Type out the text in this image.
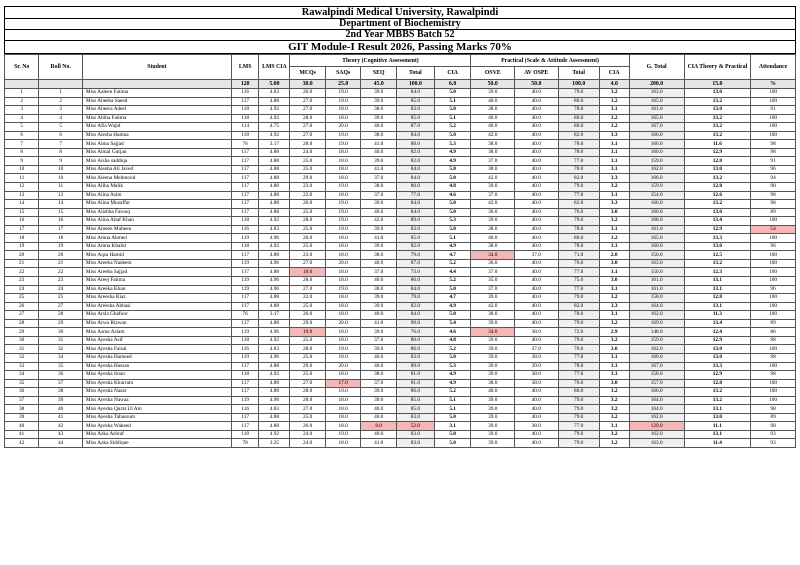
Rawalpindi Medical University, Rawalpindi
Department of Biochemistry
2nd Year MBBS Batch 52
GIT Module-I Result 2026, Passing Marks 70%
Sr. No	Roll No.	Student	LMS	LMS CIA	Theory (Cognitive Assessment)					Practical (Scale & Attitude Assessment)				G. Total	CIA Theory & Practical	Attendance
					MCQs	SAQs	SEQ	Total	CIA	OSVE	AV OSPE	Total	CIA			
			120	5.00	30.0	25.0	45.0	100.0	6.0	50.0	50.0	100.0	4.0	200.0	15.0	%
1	1	Miss Aaleen Fatima	116	4.83	26.0	19.0	39.0	84.0	5.0	39.0	40.0	79.0	3.2	163.0	13.0	100
2	2	Miss Abeeha Saeed	117	4.88	27.0	19.0	39.0	85.0	5.1	40.0	40.0	80.0	3.2	165.0	13.2	100
3	3	Miss Abeera Adeel	118	4.92	27.0	18.0	38.0	83.0	5.0	38.0	40.0	78.0	3.1	161.0	13.0	91
4	4	Miss Abiha Fatima	118	4.92	28.0	18.0	39.0	85.0	5.1	40.0	40.0	80.0	3.2	165.0	13.2	100
5	5	Miss Afia Wajid	114	4.75	27.0	20.0	40.0	87.0	5.2	40.0	40.0	80.0	3.2	167.0	13.2	100
6	6	Miss Aiesha Hamna	118	4.92	27.0	19.0	38.0	84.0	5.0	42.0	40.0	82.0	3.3	166.0	13.2	100
7	7	Miss Aima Sajjad	76	3.17	28.0	19.0	41.0	88.0	5.3	38.0	40.0	78.0	3.1	166.0	11.6	98
8	8	Miss Aimal Gurjan	117	4.88	24.0	18.0	40.0	82.0	4.9	38.0	40.0	78.0	3.1	160.0	12.9	98
9	9	Miss Aisha saddiqa	117	4.88	25.0	18.0	39.0	82.0	4.9	37.0	40.0	77.0	3.1	159.0	12.8	91
10	10	Miss Aiseha Ali Javed	117	4.88	25.0	18.0	41.0	84.0	5.0	38.0	40.0	78.0	3.1	162.0	13.0	96
11	10	Miss Aleena Mehmood	117	4.88	29.0	18.0	37.0	84.0	5.0	42.0	40.0	82.0	3.3	166.0	13.2	94
12	11	Miss Aliha Malik	117	4.88	23.0	19.0	38.0	80.0	4.8	39.0	40.0	79.0	3.2	159.0	12.8	98
13	12	Miss Alina Asim	117	4.88	22.0	18.0	37.0	77.0	4.6	37.0	40.0	77.0	3.1	154.0	12.6	98
14	14	Miss Alina Muzaffar	117	4.88	26.0	19.0	39.0	84.0	5.0	42.0	40.0	82.0	3.3	166.0	13.2	98
15	15	Miss Alishba Farooq	117	4.88	25.0	19.0	40.0	84.0	5.0	36.0	40.0	76.0	3.0	160.0	13.0	89
16	16	Miss Alina Altaf Khan	118	4.92	28.0	19.0	42.0	89.0	5.3	39.0	40.0	79.0	3.2	168.0	13.4	100
17	17	Miss Ameen Mubeen	116	4.83	25.0	19.0	39.0	83.0	5.0	38.0	40.0	78.0	3.1	161.0	12.9	54
18	18	Miss Amna Ahmed	119	4.96	26.0	18.0	41.0	85.0	5.1	40.0	40.0	80.0	3.2	165.0	13.3	100
19	19	Miss Amna Khalid	118	4.92	25.0	18.0	39.0	82.0	4.9	38.0	40.0	78.0	3.1	160.0	13.0	96
20	20	Miss Aqsa Hamid	117	4.88	23.0	18.0	38.0	79.0	4.7	34.0	37.0	71.0	2.8	150.0	12.5	100
21	21	Miss Areeba Nadeem	119	4.96	27.0	20.0	40.0	87.0	5.2	36.0	40.0	76.0	3.0	163.0	13.2	100
22	22	Miss Areeba Sajjad	117	4.88	18.0	18.0	37.0	73.0	4.4	37.0	40.0	77.0	3.1	150.0	12.3	100
23	23	Miss Areej Fatima	119	4.96	28.0	18.0	40.0	86.0	5.2	35.0	40.0	75.0	3.0	161.0	13.1	100
24	24	Miss Areeka Khan	119	4.96	27.0	19.0	38.0	84.0	5.0	37.0	40.0	77.0	3.1	161.0	13.1	96
25	25	Miss Areesha Riaz	117	4.88	22.0	18.0	39.0	79.0	4.7	39.0	40.0	79.0	3.2	158.0	12.8	100
26	27	Miss Areesha Abbasi	117	4.88	25.0	18.0	39.0	82.0	4.9	42.0	40.0	82.0	3.3	164.0	13.1	100
27	28	Miss Arsla Ghafoor	76	3.17	26.0	18.0	40.0	84.0	5.0	38.0	40.0	78.0	3.1	162.0	11.3	100
28	29	Miss Arwa Rizwan	117	4.88	29.0	20.0	41.0	90.0	5.4	39.0	40.0	79.0	3.2	169.0	13.4	89
29	30	Miss Asma Aslam	119	4.96	19.0	18.0	39.0	76.0	4.6	34.0	38.0	72.0	2.9	148.0	12.4	86
30	31	Miss Ayesha Asif	118	4.92	25.0	18.0	37.0	80.0	4.8	39.0	40.0	79.0	3.2	159.0	12.9	98
31	32	Miss Ayesha Faisal	116	4.83	28.0	19.0	39.0	86.0	5.2	39.0	37.0	76.0	3.0	162.0	13.0	100
32	34	Miss Ayesha Hameed	119	4.96	25.0	18.0	40.0	83.0	5.0	39.0	38.0	77.0	3.1	160.0	13.0	98
33	35	Miss Ayesha Hassan	117	4.88	29.0	20.0	40.0	89.0	5.3	39.0	39.0	78.0	3.1	167.0	13.3	100
34	36	Miss Ayesha Iman	118	4.92	25.0	18.0	38.0	81.0	4.9	39.0	38.0	77.0	3.1	158.0	12.9	98
35	37	Miss Ayesha Khurram	117	4.88	27.0	17.0	37.0	81.0	4.9	38.0	38.0	76.0	3.0	157.0	12.8	100
36	38	Miss Ayesha Nasar	117	4.88	28.0	19.0	39.0	86.0	5.2	40.0	40.0	80.0	3.2	166.0	13.2	100
37	39	Miss Ayesha Nawaz	119	4.96	28.0	18.0	39.0	85.0	5.1	39.0	40.0	79.0	3.2	164.0	13.2	100
38	40	Miss Ayesha Qurat Ul Ain	116	4.83	27.0	18.0	40.0	85.0	5.1	39.0	40.0	79.0	3.2	164.0	13.1	98
39	41	Miss Ayesha Tabassum	117	4.88	25.0	18.0	40.0	83.0	5.0	39.0	40.0	79.0	3.2	162.0	13.0	89
40	42	Miss Ayesha Waheed	117	4.88	26.0	18.0	8.0	52.0	3.1	39.0	38.0	77.0	3.1	129.0	11.1	98
41	43	Miss Azka Ashraf	118	4.92	24.0	19.0	40.0	83.0	5.0	39.0	40.0	79.0	3.2	162.0	13.1	93
42	44	Miss Azka Siddique	78	3.25	24.0	18.0	41.0	83.0	5.0	39.0	40.0	79.0	3.2	163.0	11.4	93
